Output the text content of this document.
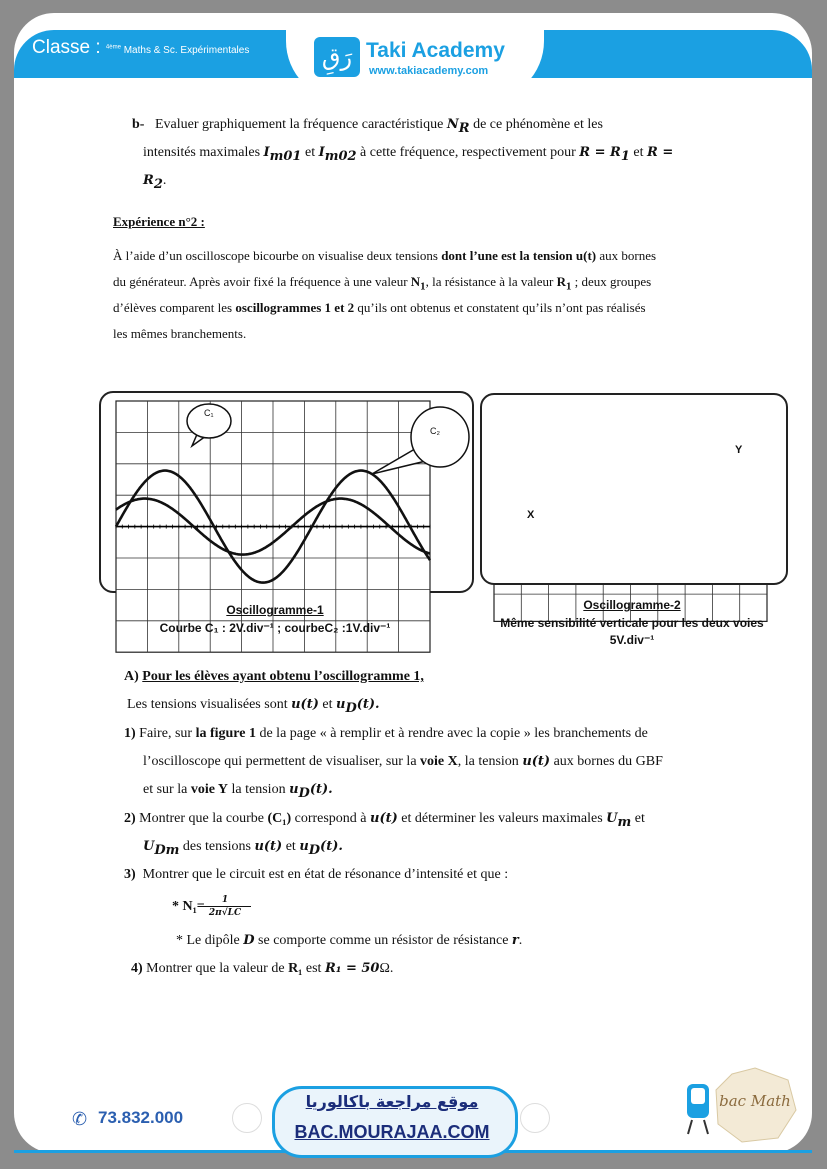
Classe : $^{4ème}$ Maths & Sc. Expérimentales	رَقِ Taki Academy
www.takiacademy.com
b- Evaluer graphiquement la fréquence caractéristique $N_R$ de ce phénomène et les
intensités maximales $I_{m01}$ et $I_{m02}$ à cette fréquence, respectivement pour $R = R_1$ et R =
$R_2$.
Expérience n°2 :
À l’aide d’un oscilloscope bicourbe on visualise deux tensions dont l’une est la tension u(t) aux bornes
du générateur. Après avoir fixé la fréquence à une valeur $N_1$, la résistance à la valeur $R_1$ ; deux groupes
d’élèves comparent les oscillogrammes 1 et 2 qu’ils ont obtenus et constatent qu’ils n’ont pas réalisés
les mêmes branchements.
C₁
C₂
Oscillogramme-1
Courbe C₁ : 2V.div⁻¹ ; courbeC₂ :1V.div⁻¹
Y
X
Oscillogramme-2
Même sensibilité verticale pour les deux voies
5V.div⁻¹
A) Pour les élèves ayant obtenu l’oscillogramme 1,
Les tensions visualisées sont u(t) et $u_D(t)$.
1) Faire, sur la figure 1 de la page « à remplir et à rendre avec la copie » les branchements de
l’oscilloscope qui permettent de visualiser, sur la voie X, la tension u(t) aux bornes du GBF
et sur la voie Y la tension $u_D(t)$.
2) Montrer que la courbe (C₁) correspond à u(t) et déterminer les valeurs maximales $U_m$ et
$U_{Dm}$ des tensions u(t) et $u_D(t)$.
3) Montrer que le circuit est en état de résonance d’intensité et que :
* N₁=
$\frac{1}{2\pi√LC}$
* Le dipôle D se comporte comme un résistor de résistance r.
4) Montrer que la valeur de R₁ est R₁ = 50Ω.
✆ 73.832.000
موقع مراجعة باكالوريا
BAC.MOURAJAA.COM
bac Math
